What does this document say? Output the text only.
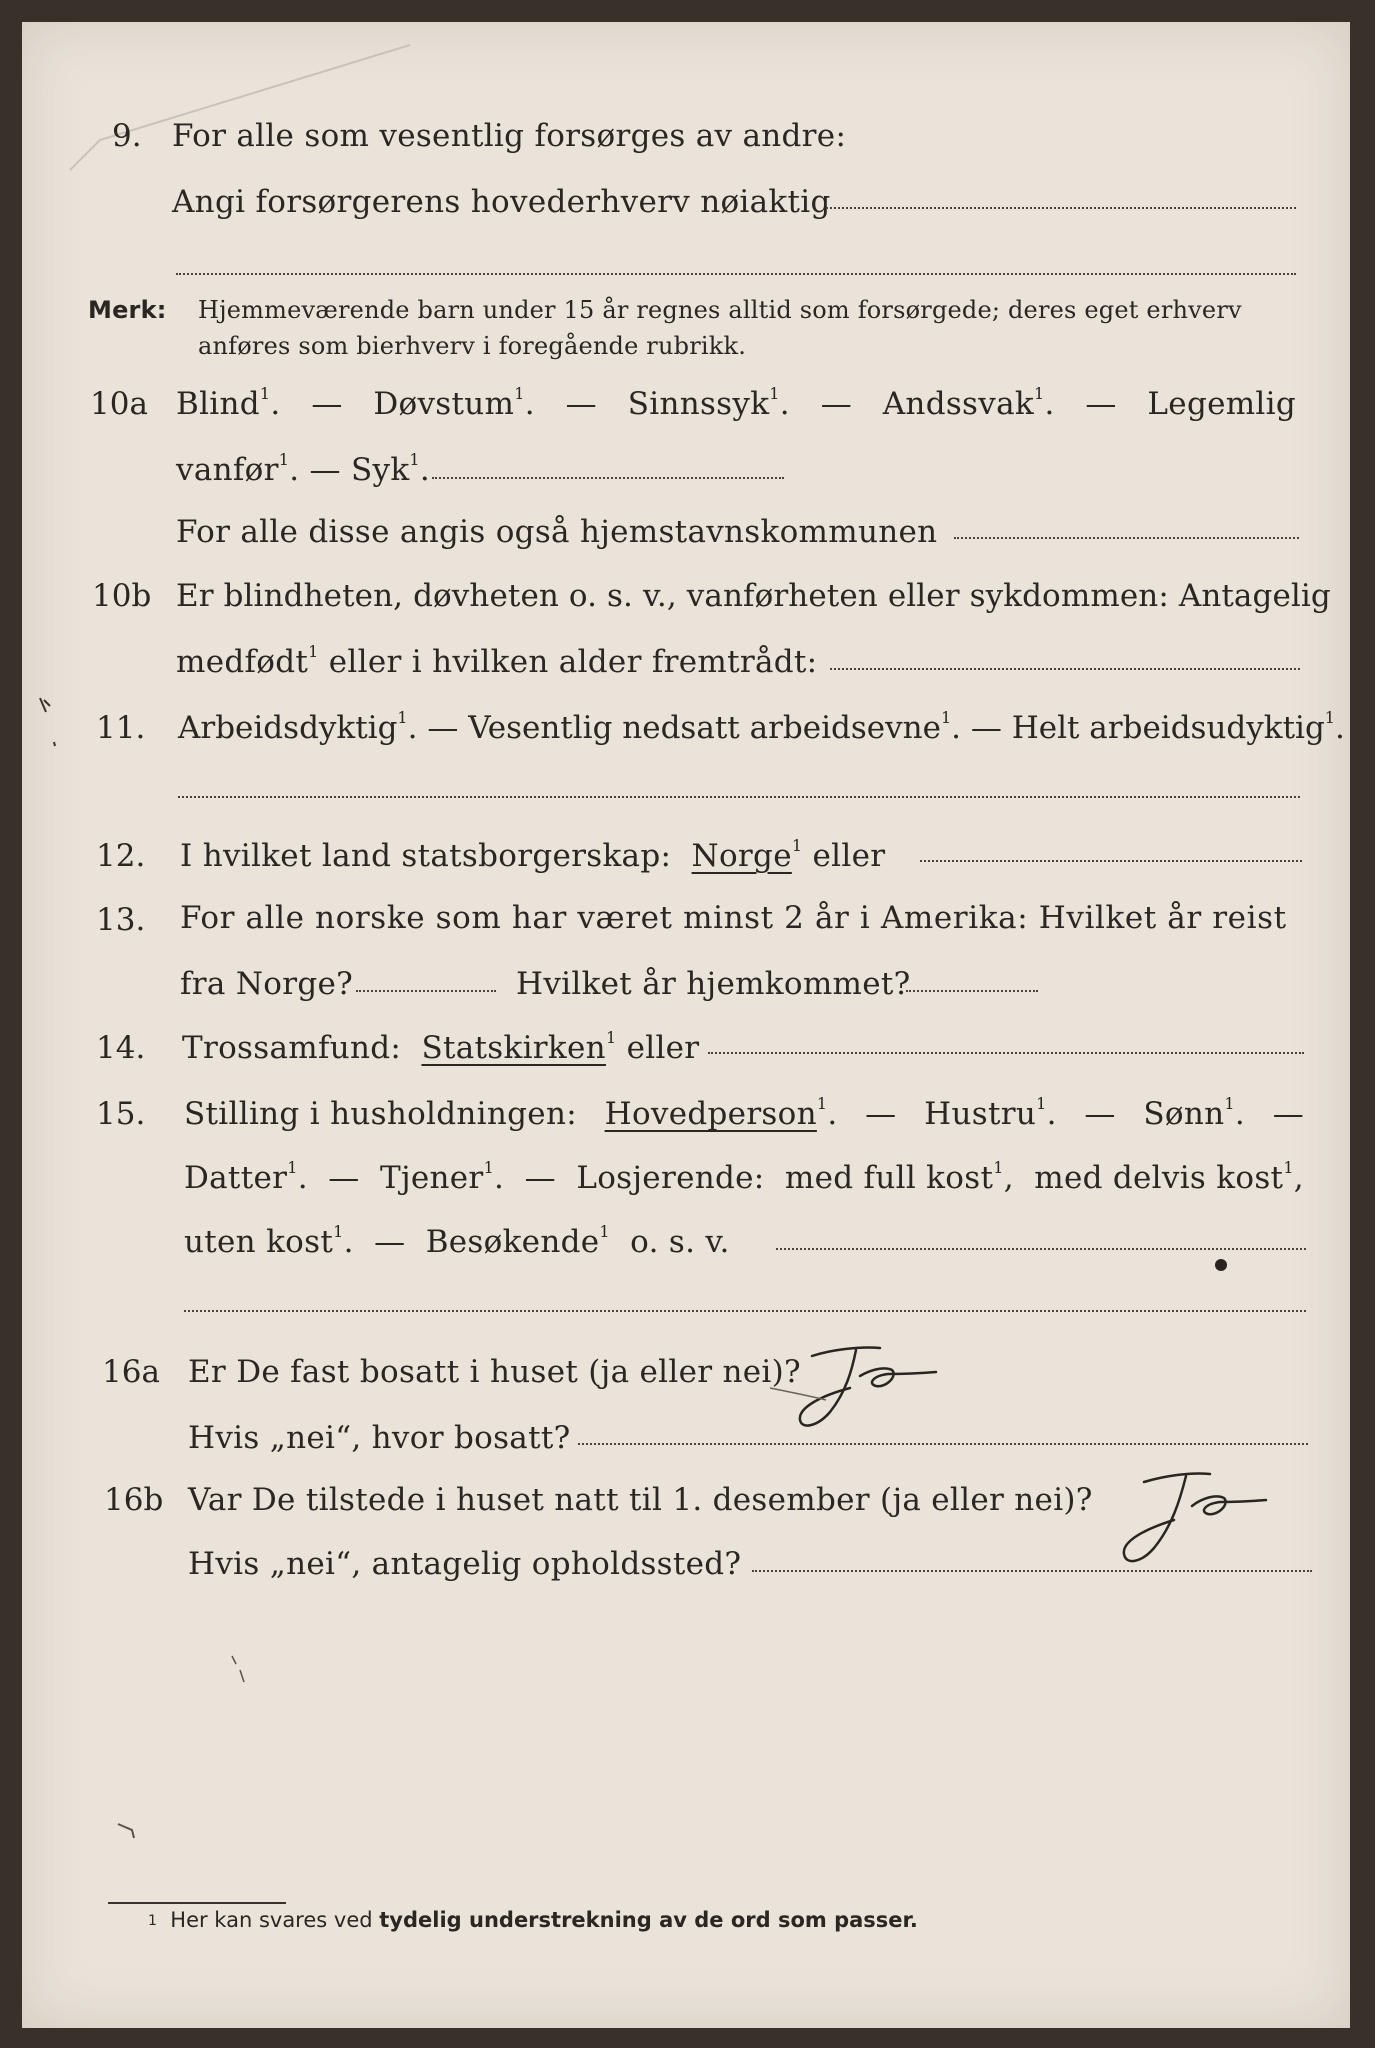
9. For alle som vesentlig forsørges av andre:
Angi forsørgerens hovederhverv nøiaktig
Merk: Hjemmeværende barn under 15 år regnes alltid som forsørgede; deres eget erhverv
anføres som bierhverv i foregående rubrikk.
10a Blind$^1$. — Døvstum$^1$. — Sinnssyk$^1$. — Andssvak$^1$. — Legemlig
vanfør$^1$. — Syk$^1$.
For alle disse angis også hjemstavnskommunen
10b Er blindheten, døvheten o. s. v., vanførheten eller sykdommen: Antagelig
medfødt$^1$ eller i hvilken alder fremtrådt:
11. Arbeidsdyktig$^1$. — Vesentlig nedsatt arbeidsevne$^1$. — Helt arbeidsudyktig$^1$.
12. I hvilket land statsborgerskap: Norge$^1$ eller
13. For alle norske som har været minst 2 år i Amerika: Hvilket år reist
fra Norge?	Hvilket år hjemkommet?
14. Trossamfund: Statskirken$^1$ eller
15. Stilling i husholdningen: Hovedperson$^1$. — Hustru$^1$. — Sønn$^1$. —
Datter$^1$. — Tjener$^1$. — Losjerende: med full kost$^1$, med delvis kost$^1$,
uten kost$^1$.  — Besøkende$^1$ o. s. v.
16a Er De fast bosatt i huset (ja eller nei)?
Hvis „nei“, hvor bosatt?
16b Var De tilstede i huset natt til 1. desember (ja eller nei)?
Hvis „nei“, antagelig opholdssted?
1 Her kan svares ved tydelig understrekning av de ord som passer.
